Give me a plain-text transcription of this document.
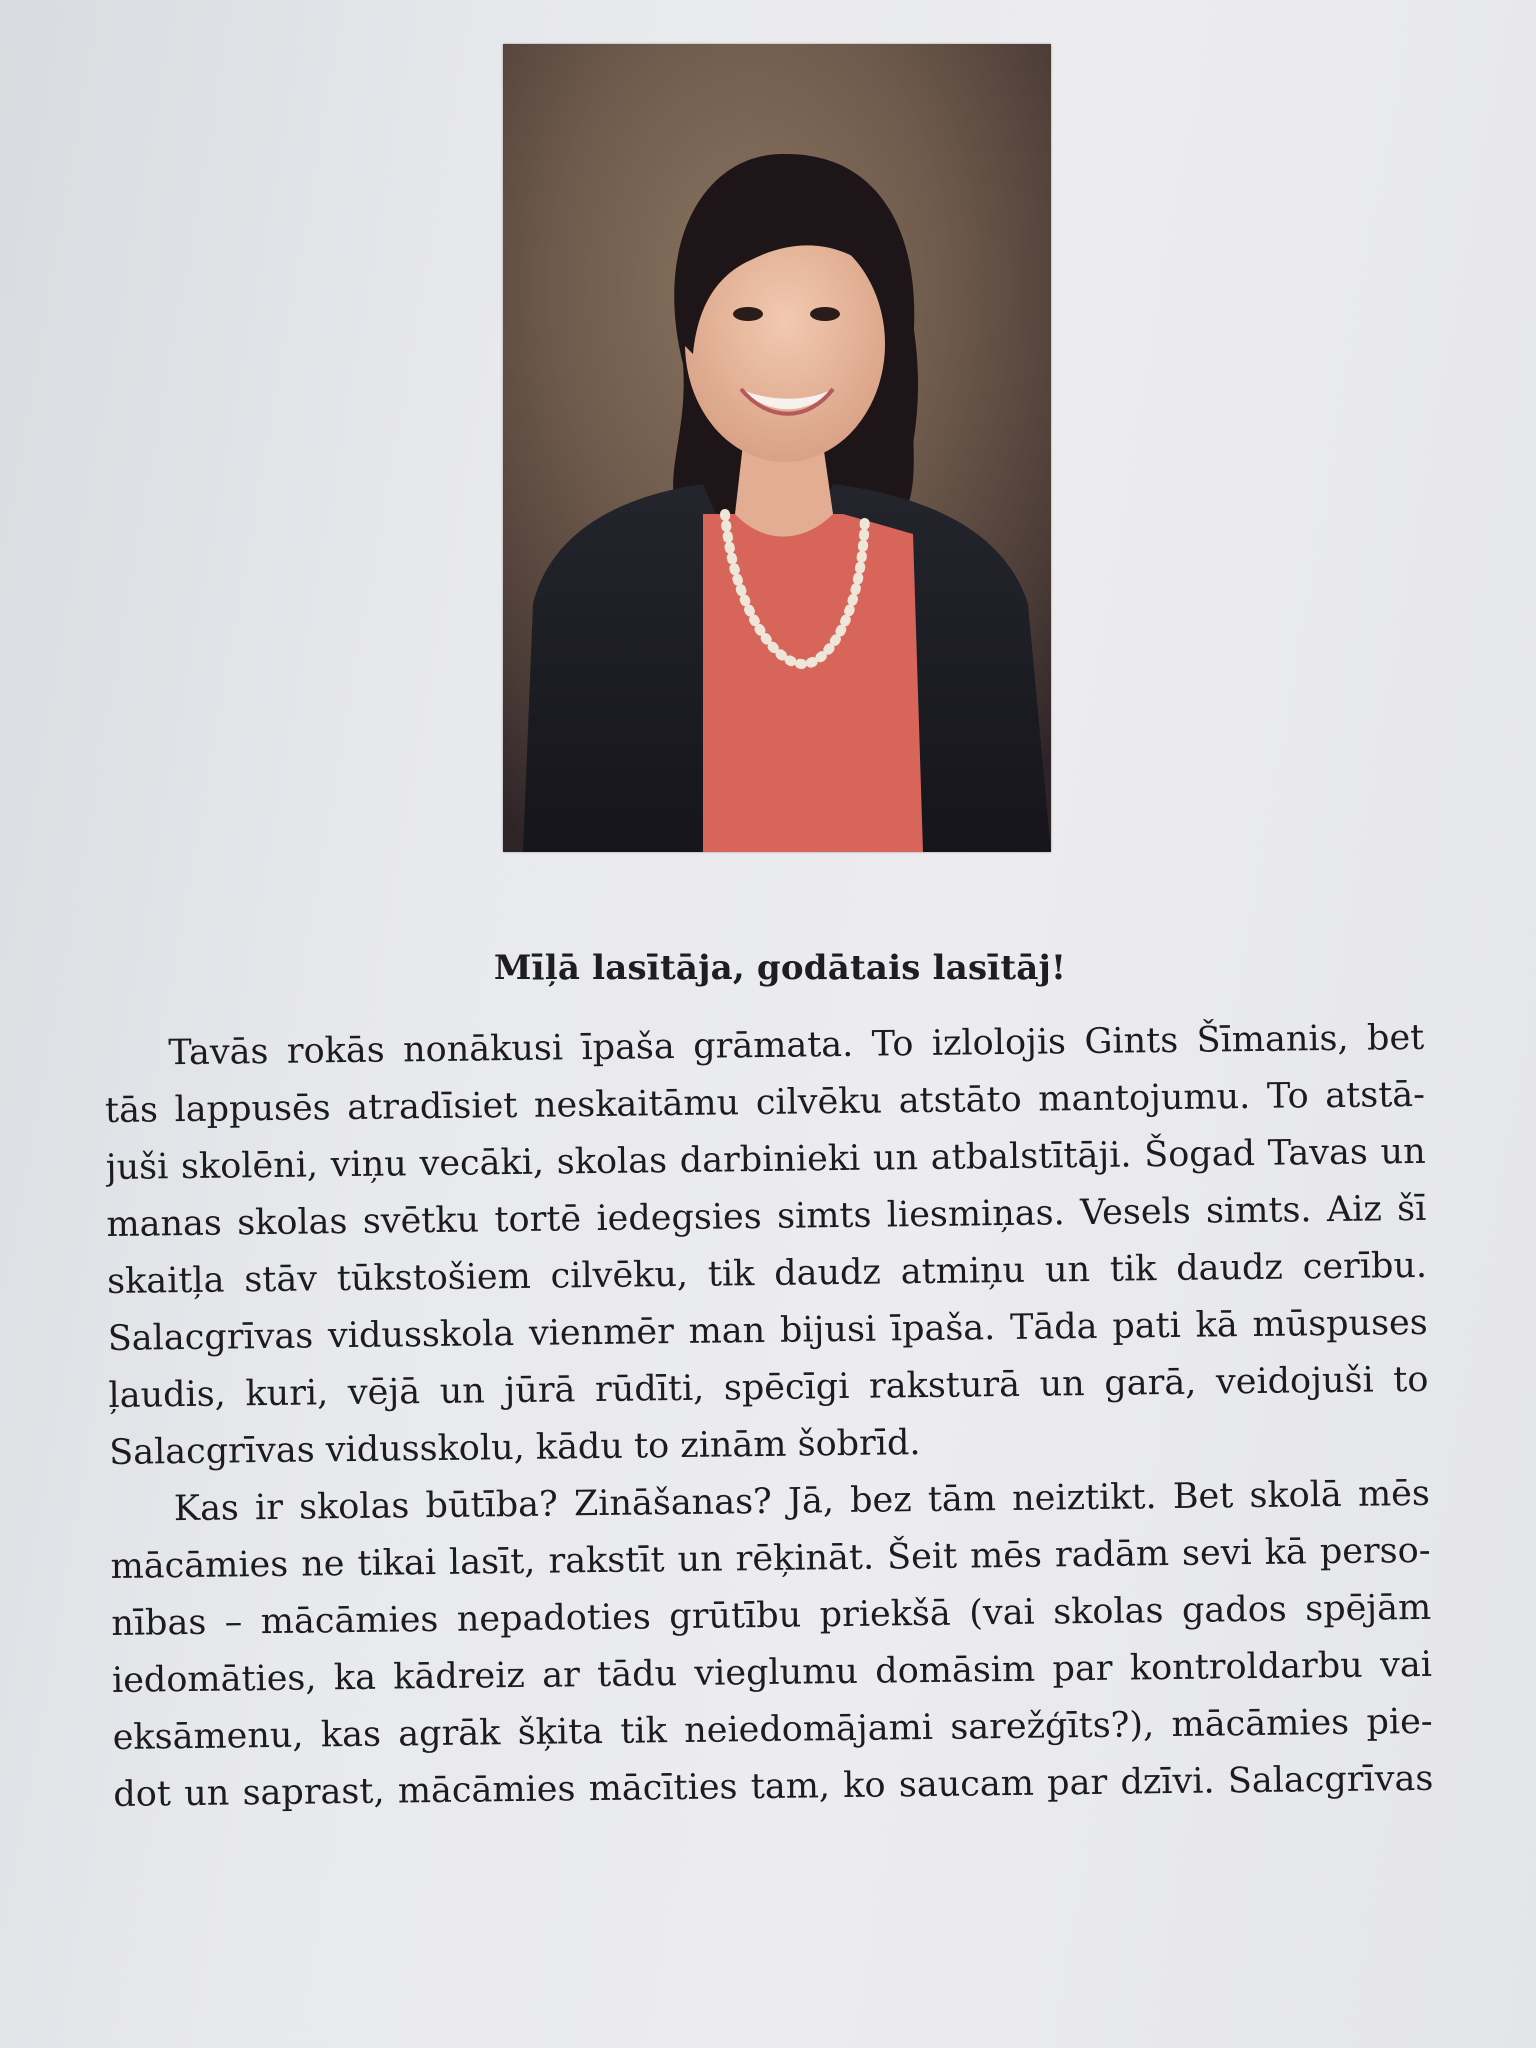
Mīļā lasītāja, godātais lasītāj!
Tavās rokās nonākusi īpaša grāmata. To izlolojis Gints Šīmanis, bet
tās lappusēs atradīsiet neskaitāmu cilvēku atstāto mantojumu. To atstā-
juši skolēni, viņu vecāki, skolas darbinieki un atbalstītāji. Šogad Tavas un
manas skolas svētku tortē iedegsies simts liesmiņas. Vesels simts. Aiz šī
skaitļa stāv tūkstošiem cilvēku, tik daudz atmiņu un tik daudz cerību.
Salacgrīvas vidusskola vienmēr man bijusi īpaša. Tāda pati kā mūspuses
ļaudis, kuri, vējā un jūrā rūdīti, spēcīgi raksturā un garā, veidojuši to
Salacgrīvas vidusskolu, kādu to zinām šobrīd.
Kas ir skolas būtība? Zināšanas? Jā, bez tām neiztikt. Bet skolā mēs
mācāmies ne tikai lasīt, rakstīt un rēķināt. Šeit mēs radām sevi kā perso-
nības – mācāmies nepadoties grūtību priekšā (vai skolas gados spējām
iedomāties, ka kādreiz ar tādu vieglumu domāsim par kontroldarbu vai
eksāmenu, kas agrāk šķita tik neiedomājami sarežģīts?), mācāmies pie-
dot un saprast, mācāmies mācīties tam, ko saucam par dzīvi. Salacgrīvas
